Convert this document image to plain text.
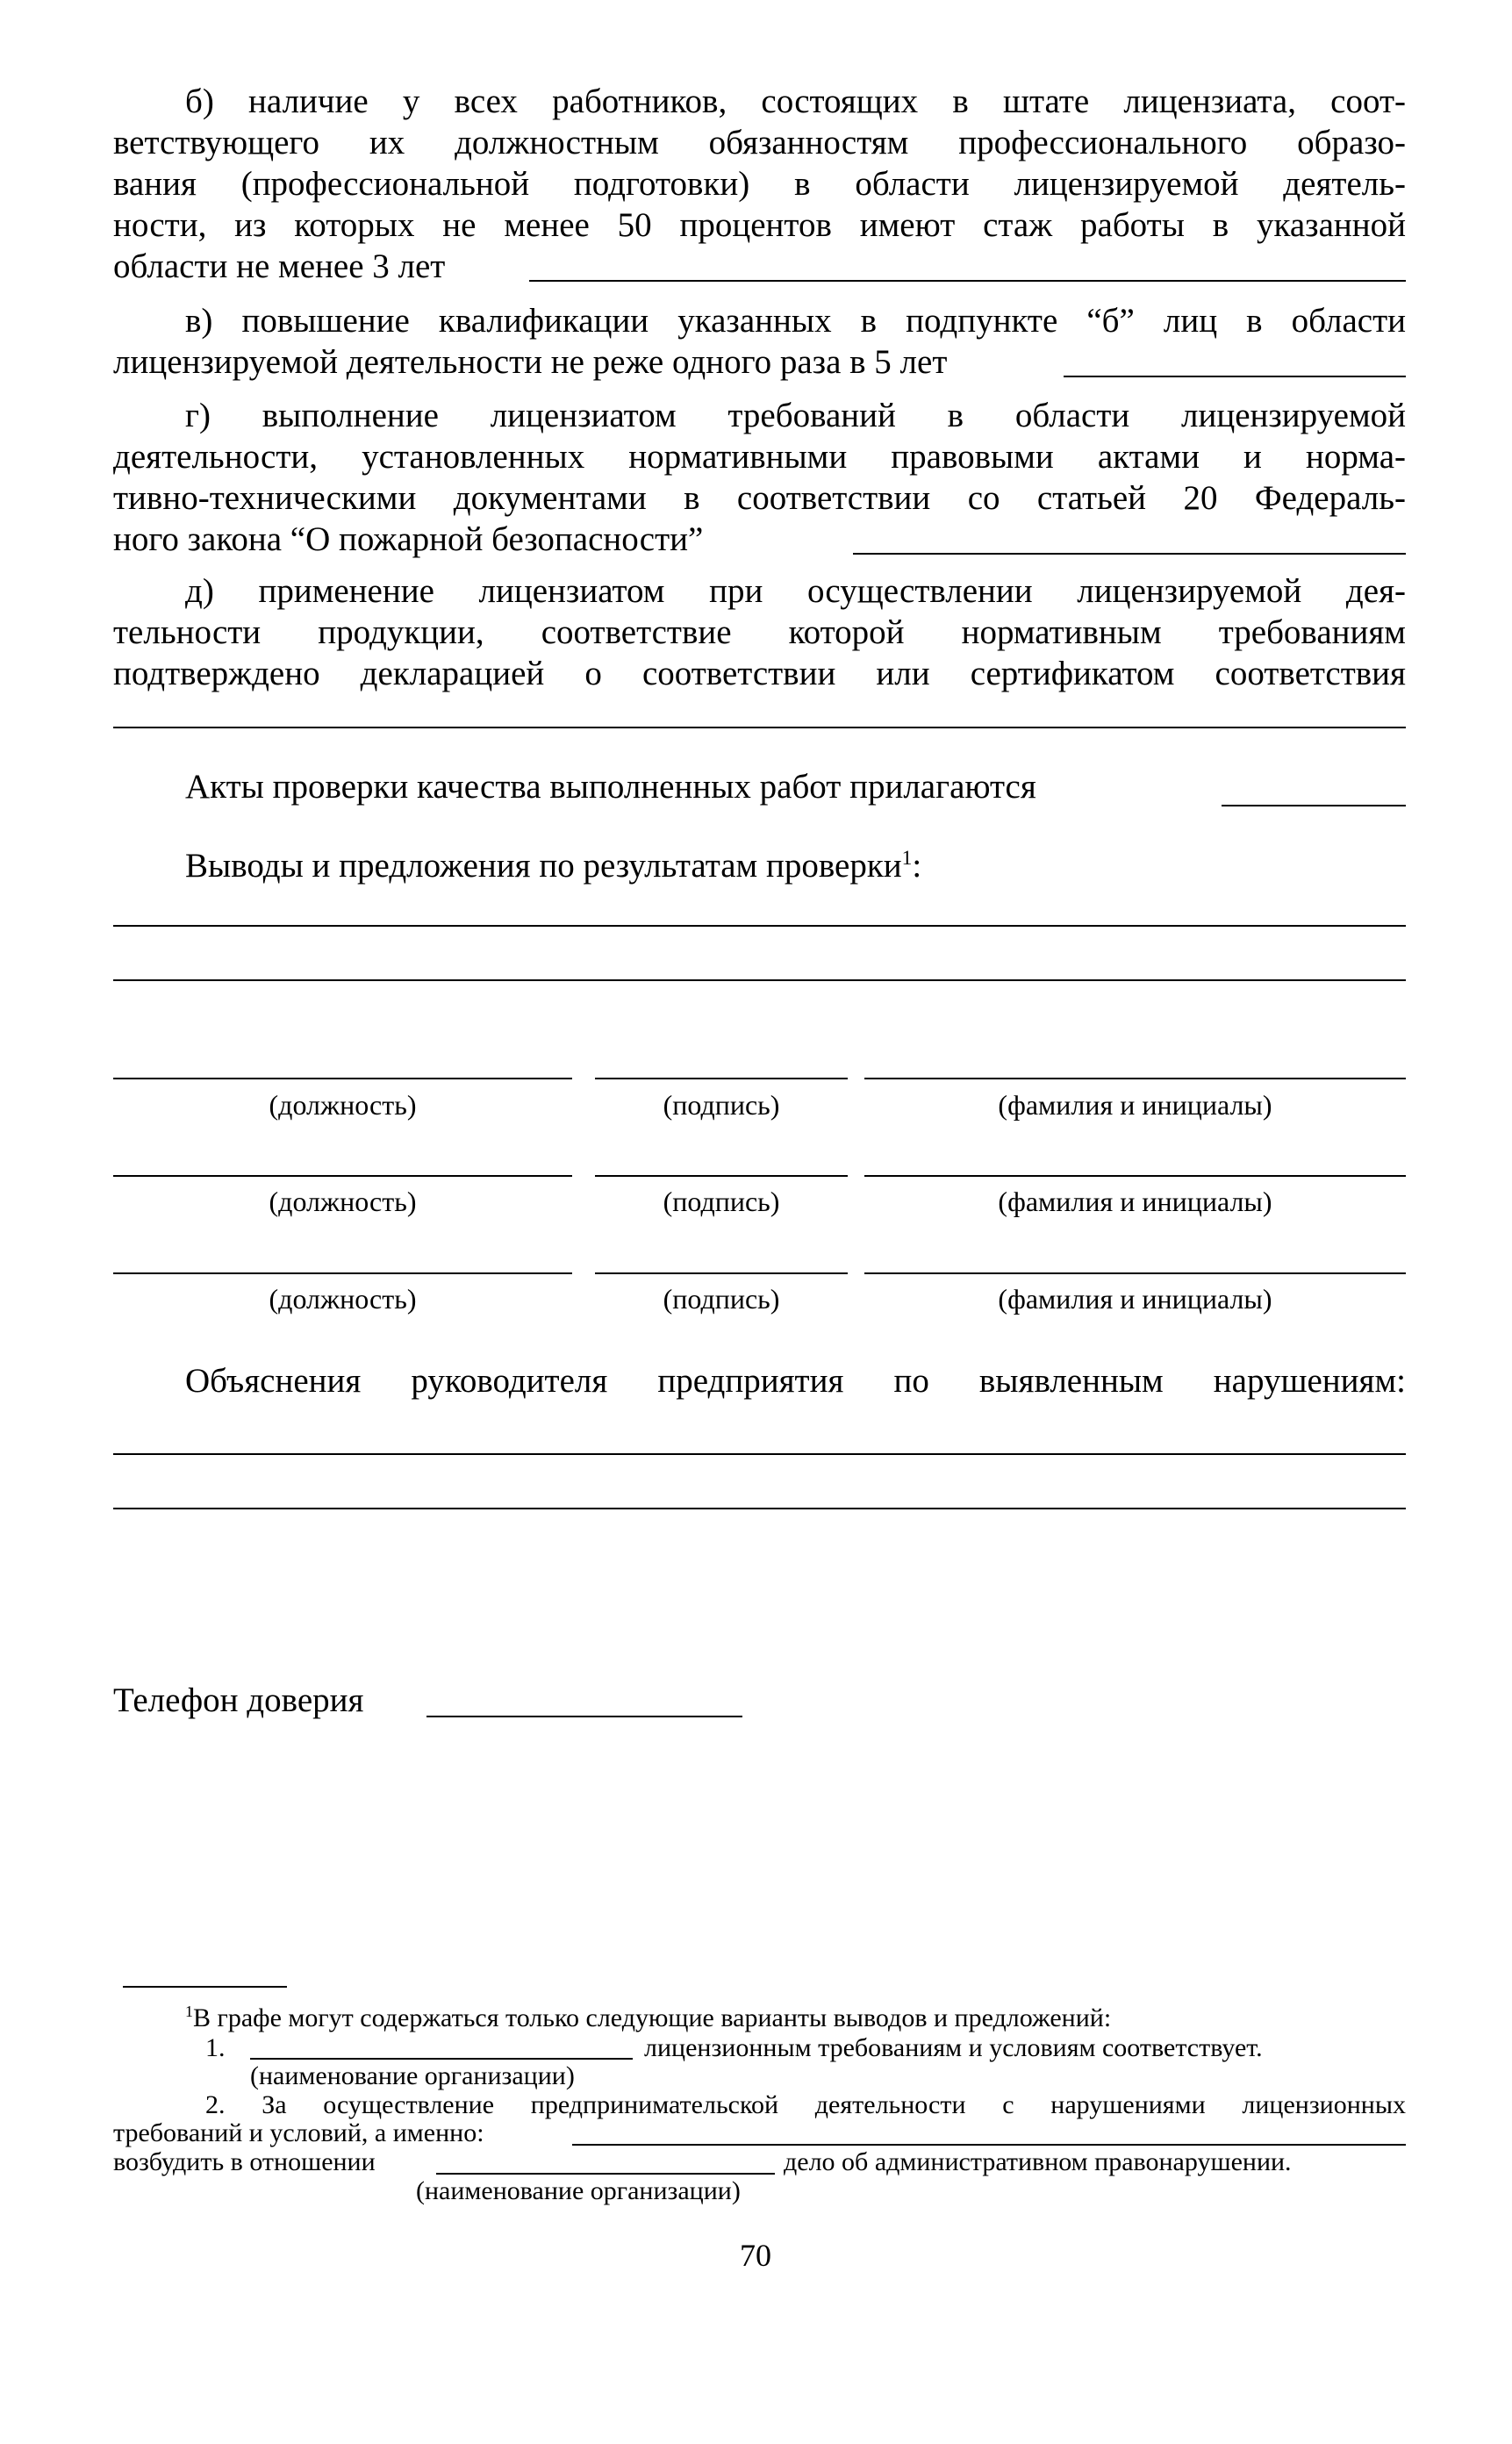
б) наличие у всех работников, состоящих в штате лицензиата, соот-
ветствующего их должностным обязанностям профессионального образо-
вания (профессиональной подготовки) в области лицензируемой деятель-
ности, из которых не менее 50 процентов имеют стаж работы в указанной
области не менее 3 лет
в) повышение квалификации указанных в подпункте “б” лиц в области
лицензируемой деятельности не реже одного раза в 5 лет
г) выполнение лицензиатом требований в области лицензируемой
деятельности, установленных нормативными правовыми актами и норма-
тивно-техническими документами в соответствии со статьей 20 Федераль-
ного закона “О пожарной безопасности”
д) применение лицензиатом при осуществлении лицензируемой дея-
тельности продукции, соответствие которой нормативным требованиям
подтверждено декларацией о соответствии или сертификатом соответствия
Акты проверки качества выполненных работ прилагаются
Выводы и предложения по результатам проверки$^1$:
(должность)	(подпись)	(фамилия и инициалы)
(должность)	(подпись)	(фамилия и инициалы)
(должность)	(подпись)	(фамилия и инициалы)
Объяснения руководителя предприятия по выявленным нарушениям:
Телефон доверия
$^1$В графе могут содержаться только следующие варианты выводов и предложений:
1.	лицензионным требованиям и условиям соответствует.
(наименование организации)
2. За осуществление предпринимательской деятельности с нарушениями лицензионных
требований и условий, а именно:
возбудить в отношении	дело об административном правонарушении.
(наименование организации)
70
